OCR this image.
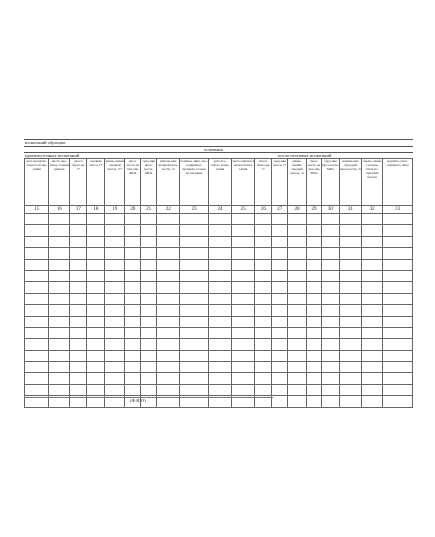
испытаний образцов
основных
промежуточных испытаний	после итоговых испытаний
дата промежу-точного испы-тания	число про-межу-точных циклов	масса образ-ца, г*	средняя масса, г*	умень-шение средней массы, %*	проч-ность на сжа-тие, МПа	сред-няя проч-ность, МПа	измене-ние средней проч-ности, %	подпись лица, про-водившего промежу-точное ис-пытание	дата ито-гового испы-тания	число циклов в начале испы-тания	масса образ-ца, г*	сред-няя масса, г*	умень-шение средней массы, %	проч-ность на сжа-тие, МПа	сред-няя проч-ность, МПа	измене-ние сред-ней проч-ности, %	заклю-чение о резуль-татах ис-пытания бетона	подпись ответ-ственного лица
15	16	17	18	19	20	21	22	23	24	25	26	27	28	29	30	31	32	33

(Ф.И.О)
